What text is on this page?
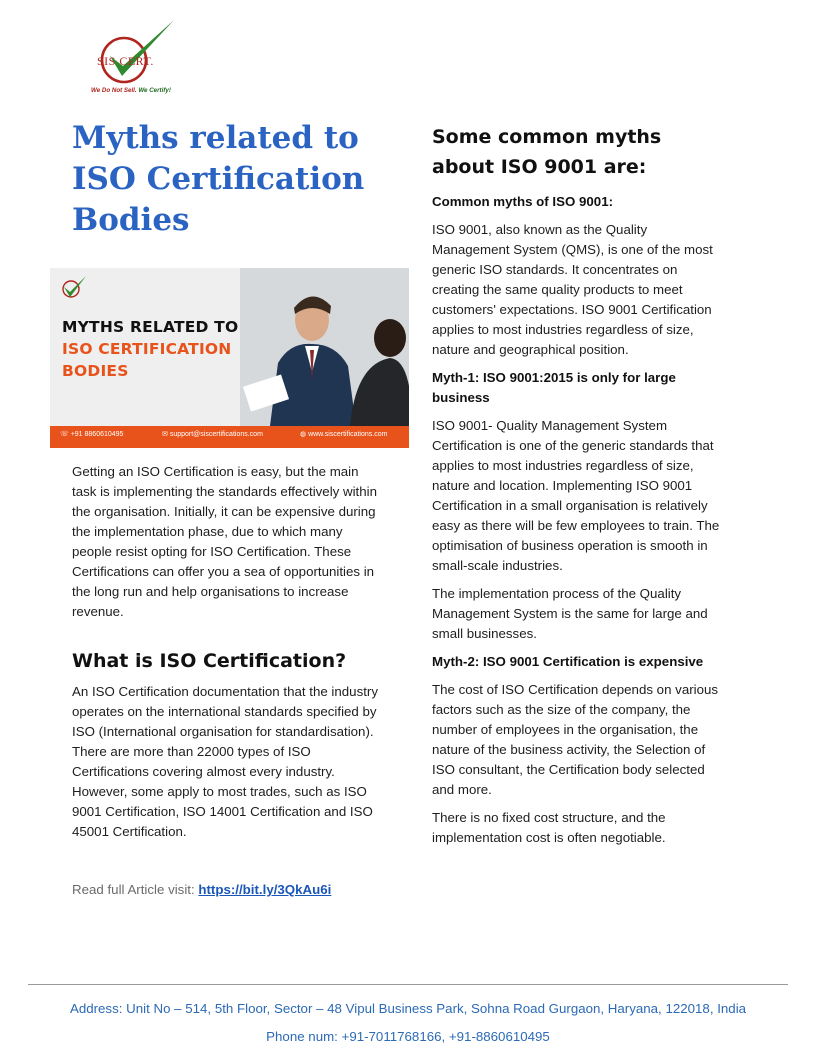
SIS CERT.
We Do Not Sell. We Certify!
Myths related to ISO Certification Bodies
MYTHS RELATED TO
ISO CERTIFICATION
BODIES
☏ +91 8860610495	✉ support@siscertifications.com	◍ www.siscertifications.com

Getting an ISO Certification is easy, but the main task is implementing the standards effectively within the organisation. Initially, it can be expensive during the implementation phase, due to which many people resist opting for ISO Certification. These Certifications can offer you a sea of opportunities in the long run and help organisations to increase revenue.

What is ISO Certification?

An ISO Certification documentation that the industry operates on the international standards specified by ISO (International organisation for standardisation). There are more than 22000 types of ISO Certifications covering almost every industry. However, some apply to most trades, such as ISO 9001 Certification, ISO 14001 Certification and ISO 45001 Certification.

Read full Article visit: https://bit.ly/3QkAu6i
Some common myths about ISO 9001 are:

Common myths of ISO 9001:

ISO 9001, also known as the Quality Management System (QMS), is one of the most generic ISO standards. It concentrates on creating the same quality products to meet customers' expectations. ISO 9001 Certification applies to most industries regardless of size, nature and geographical position.

Myth-1: ISO 9001:2015 is only for large business

ISO 9001- Quality Management System Certification is one of the generic standards that applies to most industries regardless of size, nature and location. Implementing ISO 9001 Certification in a small organisation is relatively easy as there will be few employees to train. The optimisation of business operation is smooth in small-scale industries.

The implementation process of the Quality Management System is the same for large and small businesses.

Myth-2: ISO 9001 Certification is expensive

The cost of ISO Certification depends on various factors such as the size of the company, the number of employees in the organisation, the nature of the business activity, the Selection of ISO consultant, the Certification body selected and more.

There is no fixed cost structure, and the implementation cost is often negotiable.

Address: Unit No – 514, 5th Floor, Sector – 48 Vipul Business Park, Sohna Road Gurgaon, Haryana, 122018, India
Phone num: +91-7011768166, +91-8860610495
